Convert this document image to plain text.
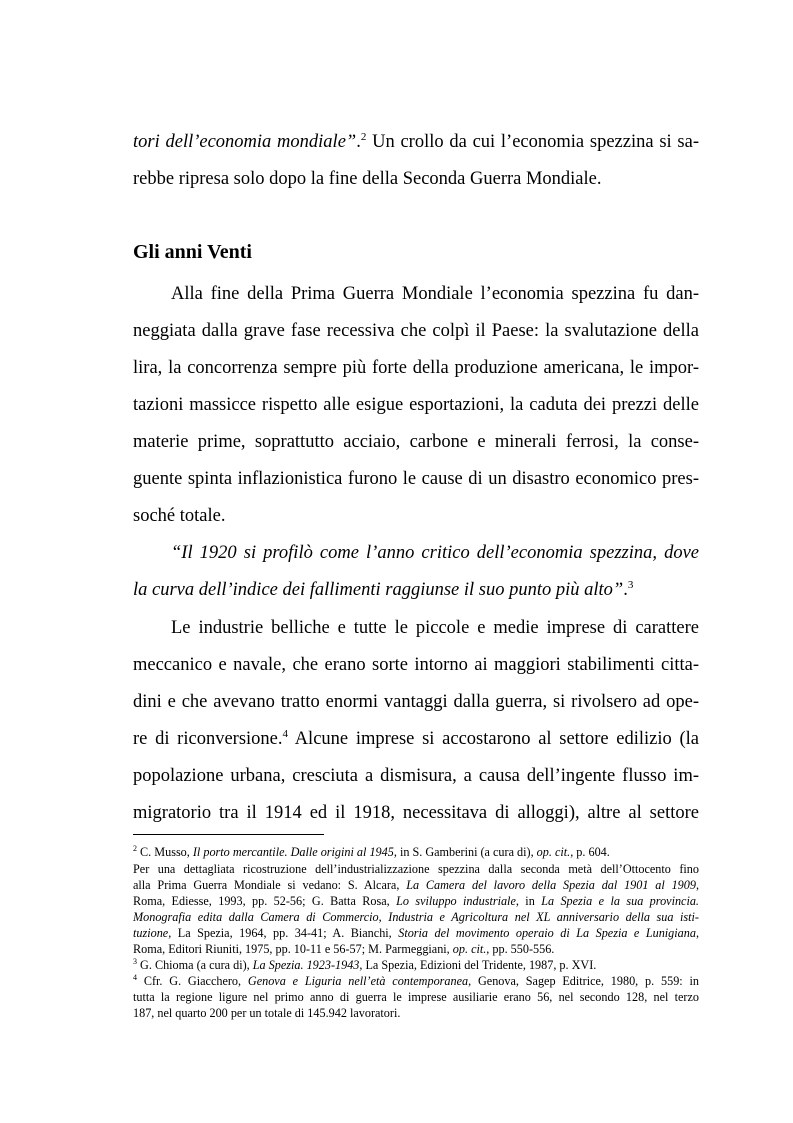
tori dell’economia mondiale”.$^2$ Un crollo da cui l’economia spezzina si sa-
rebbe ripresa solo dopo la fine della Seconda Guerra Mondiale.
Gli anni Venti
Alla fine della Prima Guerra Mondiale l’economia spezzina fu dan-
neggiata dalla grave fase recessiva che colpì il Paese: la svalutazione della
lira, la concorrenza sempre più forte della produzione americana, le impor-
tazioni massicce rispetto alle esigue esportazioni, la caduta dei prezzi delle
materie prime, soprattutto acciaio, carbone e minerali ferrosi, la conse-
guente spinta inflazionistica furono le cause di un disastro economico pres-
soché totale.
“Il 1920 si profilò come l’anno critico dell’economia spezzina, dove
la curva dell’indice dei fallimenti raggiunse il suo punto più alto”.$^3$
Le industrie belliche e tutte le piccole e medie imprese di carattere
meccanico e navale, che erano sorte intorno ai maggiori stabilimenti citta-
dini e che avevano tratto enormi vantaggi dalla guerra, si rivolsero ad ope-
re di riconversione.$^4$ Alcune imprese si accostarono al settore edilizio (la
popolazione urbana, cresciuta a dismisura, a causa dell’ingente flusso im-
migratorio tra il 1914 ed il 1918, necessitava di alloggi), altre al settore
$^2$ C. Musso, Il porto mercantile. Dalle origini al 1945, in S. Gamberini (a cura di), op. cit., p. 604.
Per una dettagliata ricostruzione dell’industrializzazione spezzina dalla seconda metà dell’Ottocento fino
alla Prima Guerra Mondiale si vedano: S. Alcara, La Camera del lavoro della Spezia dal 1901 al 1909,
Roma, Ediesse, 1993, pp. 52-56; G. Batta Rosa, Lo sviluppo industriale, in La Spezia e la sua provincia.
Monografia edita dalla Camera di Commercio, Industria e Agricoltura nel XL anniversario della sua isti-
tuzione, La Spezia, 1964, pp. 34-41; A. Bianchi, Storia del movimento operaio di La Spezia e Lunigiana,
Roma, Editori Riuniti, 1975, pp. 10-11 e 56-57; M. Parmeggiani, op. cit., pp. 550-556.
$^3$ G. Chioma (a cura di), La Spezia. 1923-1943, La Spezia, Edizioni del Tridente, 1987, p. XVI.
$^4$ Cfr. G. Giacchero, Genova e Liguria nell’età contemporanea, Genova, Sagep Editrice, 1980, p. 559: in
tutta la regione ligure nel primo anno di guerra le imprese ausiliarie erano 56, nel secondo 128, nel terzo
187, nel quarto 200 per un totale di 145.942 lavoratori.
